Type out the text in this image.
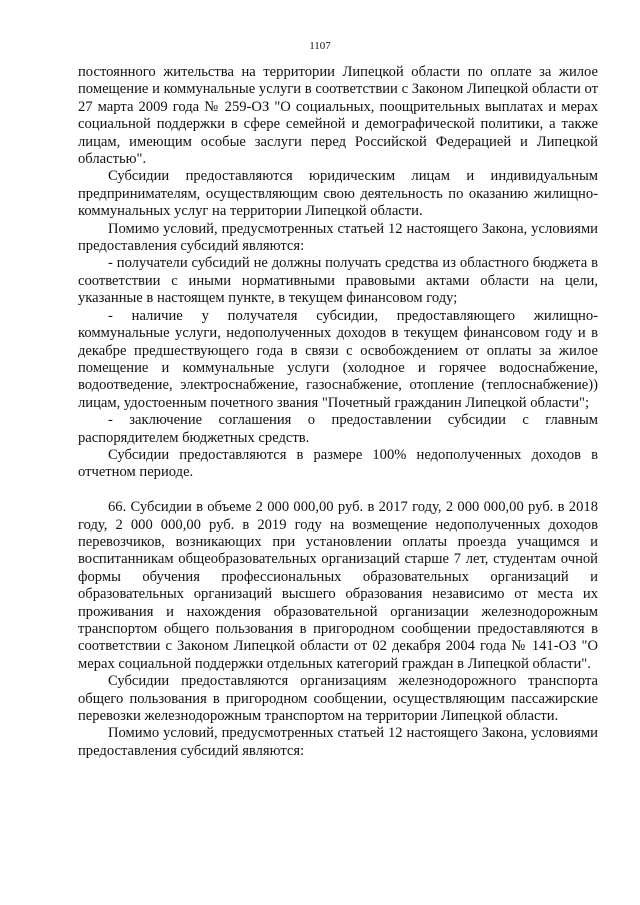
1107

постоянного жительства на территории Липецкой области по оплате за жилое помещение и коммунальные услуги в соответствии с Законом Липецкой области от 27 марта 2009 года № 259-ОЗ "О социальных, поощрительных выплатах и мерах социальной поддержки в сфере семейной и демографической политики, а также лицам, имеющим особые заслуги перед Российской Федерацией и Липецкой областью".

Субсидии предоставляются юридическим лицам и индивидуальным предпринимателям, осуществляющим свою деятельность по оказанию жилищно-коммунальных услуг на территории Липецкой области.

Помимо условий, предусмотренных статьей 12 настоящего Закона, условиями предоставления субсидий являются:

- получатели субсидий не должны получать средства из областного бюджета в соответствии с иными нормативными правовыми актами области на цели, указанные в настоящем пункте, в текущем финансовом году;

- наличие у получателя субсидии, предоставляющего жилищно-коммунальные услуги, недополученных доходов в текущем финансовом году и в декабре предшествующего года в связи с освобождением от оплаты за жилое помещение и коммунальные услуги (холодное и горячее водоснабжение, водоотведение, электроснабжение, газоснабжение, отопление (теплоснабжение)) лицам, удостоенным почетного звания "Почетный гражданин Липецкой области";

- заключение соглашения о предоставлении субсидии с главным распорядителем бюджетных средств.

Субсидии предоставляются в размере 100% недополученных доходов в отчетном периоде.

66. Субсидии в объеме 2 000 000,00 руб. в 2017 году, 2 000 000,00 руб. в 2018 году, 2 000 000,00 руб. в 2019 году на возмещение недополученных доходов перевозчиков, возникающих при установлении оплаты проезда учащимся и воспитанникам общеобразовательных организаций старше 7 лет, студентам очной формы обучения профессиональных образовательных организаций и образовательных организаций высшего образования независимо от места их проживания и нахождения образовательной организации железнодорожным транспортом общего пользования в пригородном сообщении предоставляются в соответствии с Законом Липецкой области от 02 декабря 2004 года № 141-ОЗ "О мерах социальной поддержки отдельных категорий граждан в Липецкой области".

Субсидии предоставляются организациям железнодорожного транспорта общего пользования в пригородном сообщении, осуществляющим пассажирские перевозки железнодорожным транспортом на территории Липецкой области.

Помимо условий, предусмотренных статьей 12 настоящего Закона, условиями предоставления субсидий являются:
